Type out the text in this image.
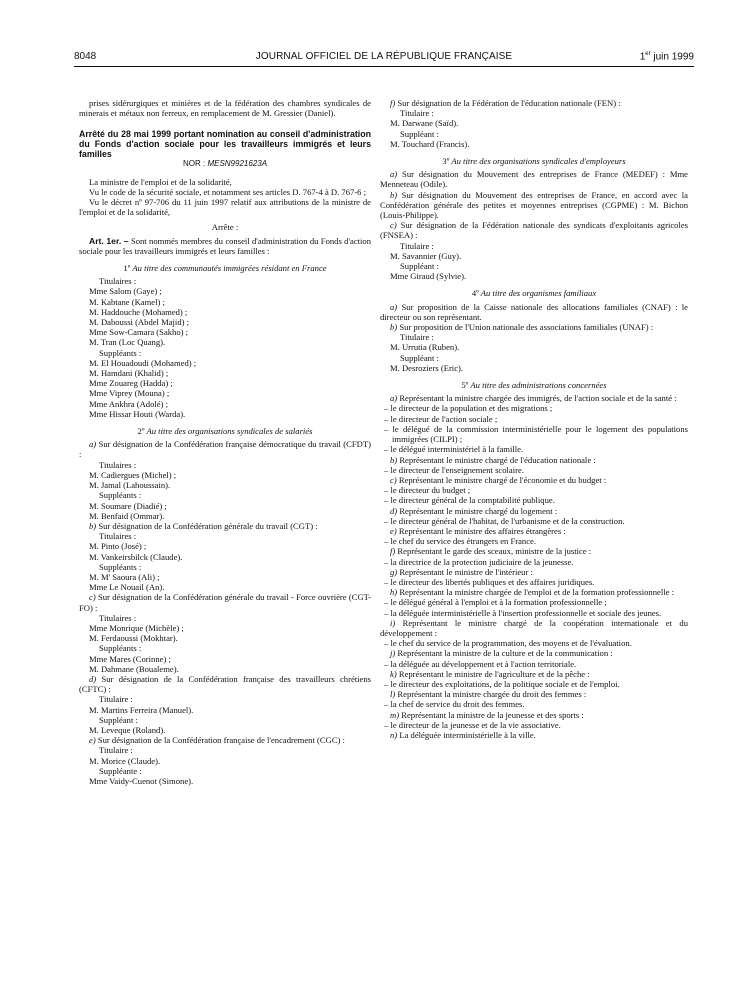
8048	JOURNAL OFFICIEL DE LA RÉPUBLIQUE FRANÇAISE	1er juin 1999

prises sidérurgiques et minières et de la fédération des chambres syndicales de minerais et métaux non ferreux, en remplacement de M. Gressier (Daniel).

Arrêté du 28 mai 1999 portant nomination au conseil d'administration du Fonds d'action sociale pour les travailleurs immigrés et leurs familles

NOR : MESN9921623A

La ministre de l'emploi et de la solidarité,

Vu le code de la sécurité sociale, et notamment ses articles D. 767-4 à D. 767-6 ;

Vu le décret nº 97-706 du 11 juin 1997 relatif aux attributions de la ministre de l'emploi et de la solidarité,

Arrête :

Art. 1er. – Sont nommés membres du conseil d'administration du Fonds d'action sociale pour les travailleurs immigrés et leurs familles :

1º Au titre des communautés immigrées résidant en France

Titulaires :

Mme Salom (Gaye) ;

M. Kabtane (Kamel) ;

M. Haddouche (Mohamed) ;

M. Daboussi (Abdel Majid) ;

Mme Sow-Camara (Sakho) ;

M. Tran (Loc Quang).

Suppléants :

M. El Houadoudi (Mohamed) ;

M. Hamdani (Khalid) ;

Mme Zouareg (Hadda) ;

Mme Viprey (Mouna) ;

Mme Ankhra (Adolé) ;

Mme Hissar Houti (Warda).

2º Au titre des organisations syndicales de salariés

a) Sur désignation de la Confédération française démocratique du travail (CFDT) :

Titulaires :

M. Cadiergues (Michel) ;

M. Jamal (Lahoussain).

Suppléants :

M. Soumare (Diadié) ;

M. Benfaid (Ommar).

b) Sur désignation de la Confédération générale du travail (CGT) :

Titulaires :

M. Pinto (José) ;

M. Vankeirsbilck (Claude).

Suppléants :

M. M' Saoura (Ali) ;

Mme Le Nouail (An).

c) Sur désignation de la Confédération générale du travail - Force ouvrière (CGT-FO) :

Titulaires :

Mme Monrique (Michèle) ;

M. Ferdaoussi (Mokhtar).

Suppléants :

Mme Mares (Corinne) ;

M. Dahmane (Boualeme).

d) Sur désignation de la Confédération française des travailleurs chrétiens (CFTC) :

Titulaire :

M. Martins Ferreira (Manuel).

Suppléant :

M. Leveque (Roland).

e) Sur désignation de la Confédération française de l'encadrement (CGC) :

Titulaire :

M. Morice (Claude).

Suppléante :

Mme Vaidy-Cuenot (Simone).

f) Sur désignation de la Fédération de l'éducation nationale (FEN) :

Titulaire :

M. Darwane (Saïd).

Suppléant :

M. Touchard (Francis).

3º Au titre des organisations syndicales d'employeurs

a) Sur désignation du Mouvement des entreprises de France (MEDEF) : Mme Menneteau (Odile).

b) Sur désignation du Mouvement des entreprises de France, en accord avec la Confédération générale des petites et moyennes entreprises (CGPME) : M. Bichon (Louis-Philippe).

c) Sur désignation de la Fédération nationale des syndicats d'exploitants agricoles (FNSEA) :

Titulaire :

M. Savannier (Guy).

Suppléant :

Mme Giraud (Sylvie).

4º Au titre des organismes familiaux

a) Sur proposition de la Caisse nationale des allocations familiales (CNAF) : le directeur ou son représentant.

b) Sur proposition de l'Union nationale des associations familiales (UNAF) :

Titulaire :

M. Urrutia (Ruben).

Suppléant :

M. Desroziers (Eric).

5º Au titre des administrations concernées

a) Représentant la ministre chargée des immigrés, de l'action sociale et de la santé :

– le directeur de la population et des migrations ;

– le directeur de l'action sociale ;

– le délégué de la commission interministérielle pour le logement des populations immigrées (CILPI) ;

– le délégué interministériel à la famille.

b) Représentant le ministre chargé de l'éducation nationale :

– le directeur de l'enseignement scolaire.

c) Représentant le ministre chargé de l'économie et du budget :

– le directeur du budget ;

– le directeur général de la comptabilité publique.

d) Représentant le ministre chargé du logement :

– le directeur général de l'habitat, de l'urbanisme et de la construction.

e) Représentant le ministre des affaires étrangères :

– le chef du service des étrangers en France.

f) Représentant le garde des sceaux, ministre de la justice :

– la directrice de la protection judiciaire de la jeunesse.

g) Représentant le ministre de l'intérieur :

– le directeur des libertés publiques et des affaires juridiques.

h) Représentant la ministre chargée de l'emploi et de la formation professionnelle :

– le délégué général à l'emploi et à la formation professionnelle ;

– la déléguée interministérielle à l'insertion professionnelle et sociale des jeunes.

i) Représentant le ministre chargé de la coopération internationale et du développement :

– le chef du service de la programmation, des moyens et de l'évaluation.

j) Représentant la ministre de la culture et de la communication :

– la déléguée au développement et à l'action territoriale.

k) Représentant le ministre de l'agriculture et de la pêche :

– le directeur des exploitations, de la politique sociale et de l'emploi.

l) Représentant la ministre chargée du droit des femmes :

– la chef de service du droit des femmes.

m) Représentant la ministre de la jeunesse et des sports :

– le directeur de la jeunesse et de la vie associative.

n) La déléguée interministérielle à la ville.
